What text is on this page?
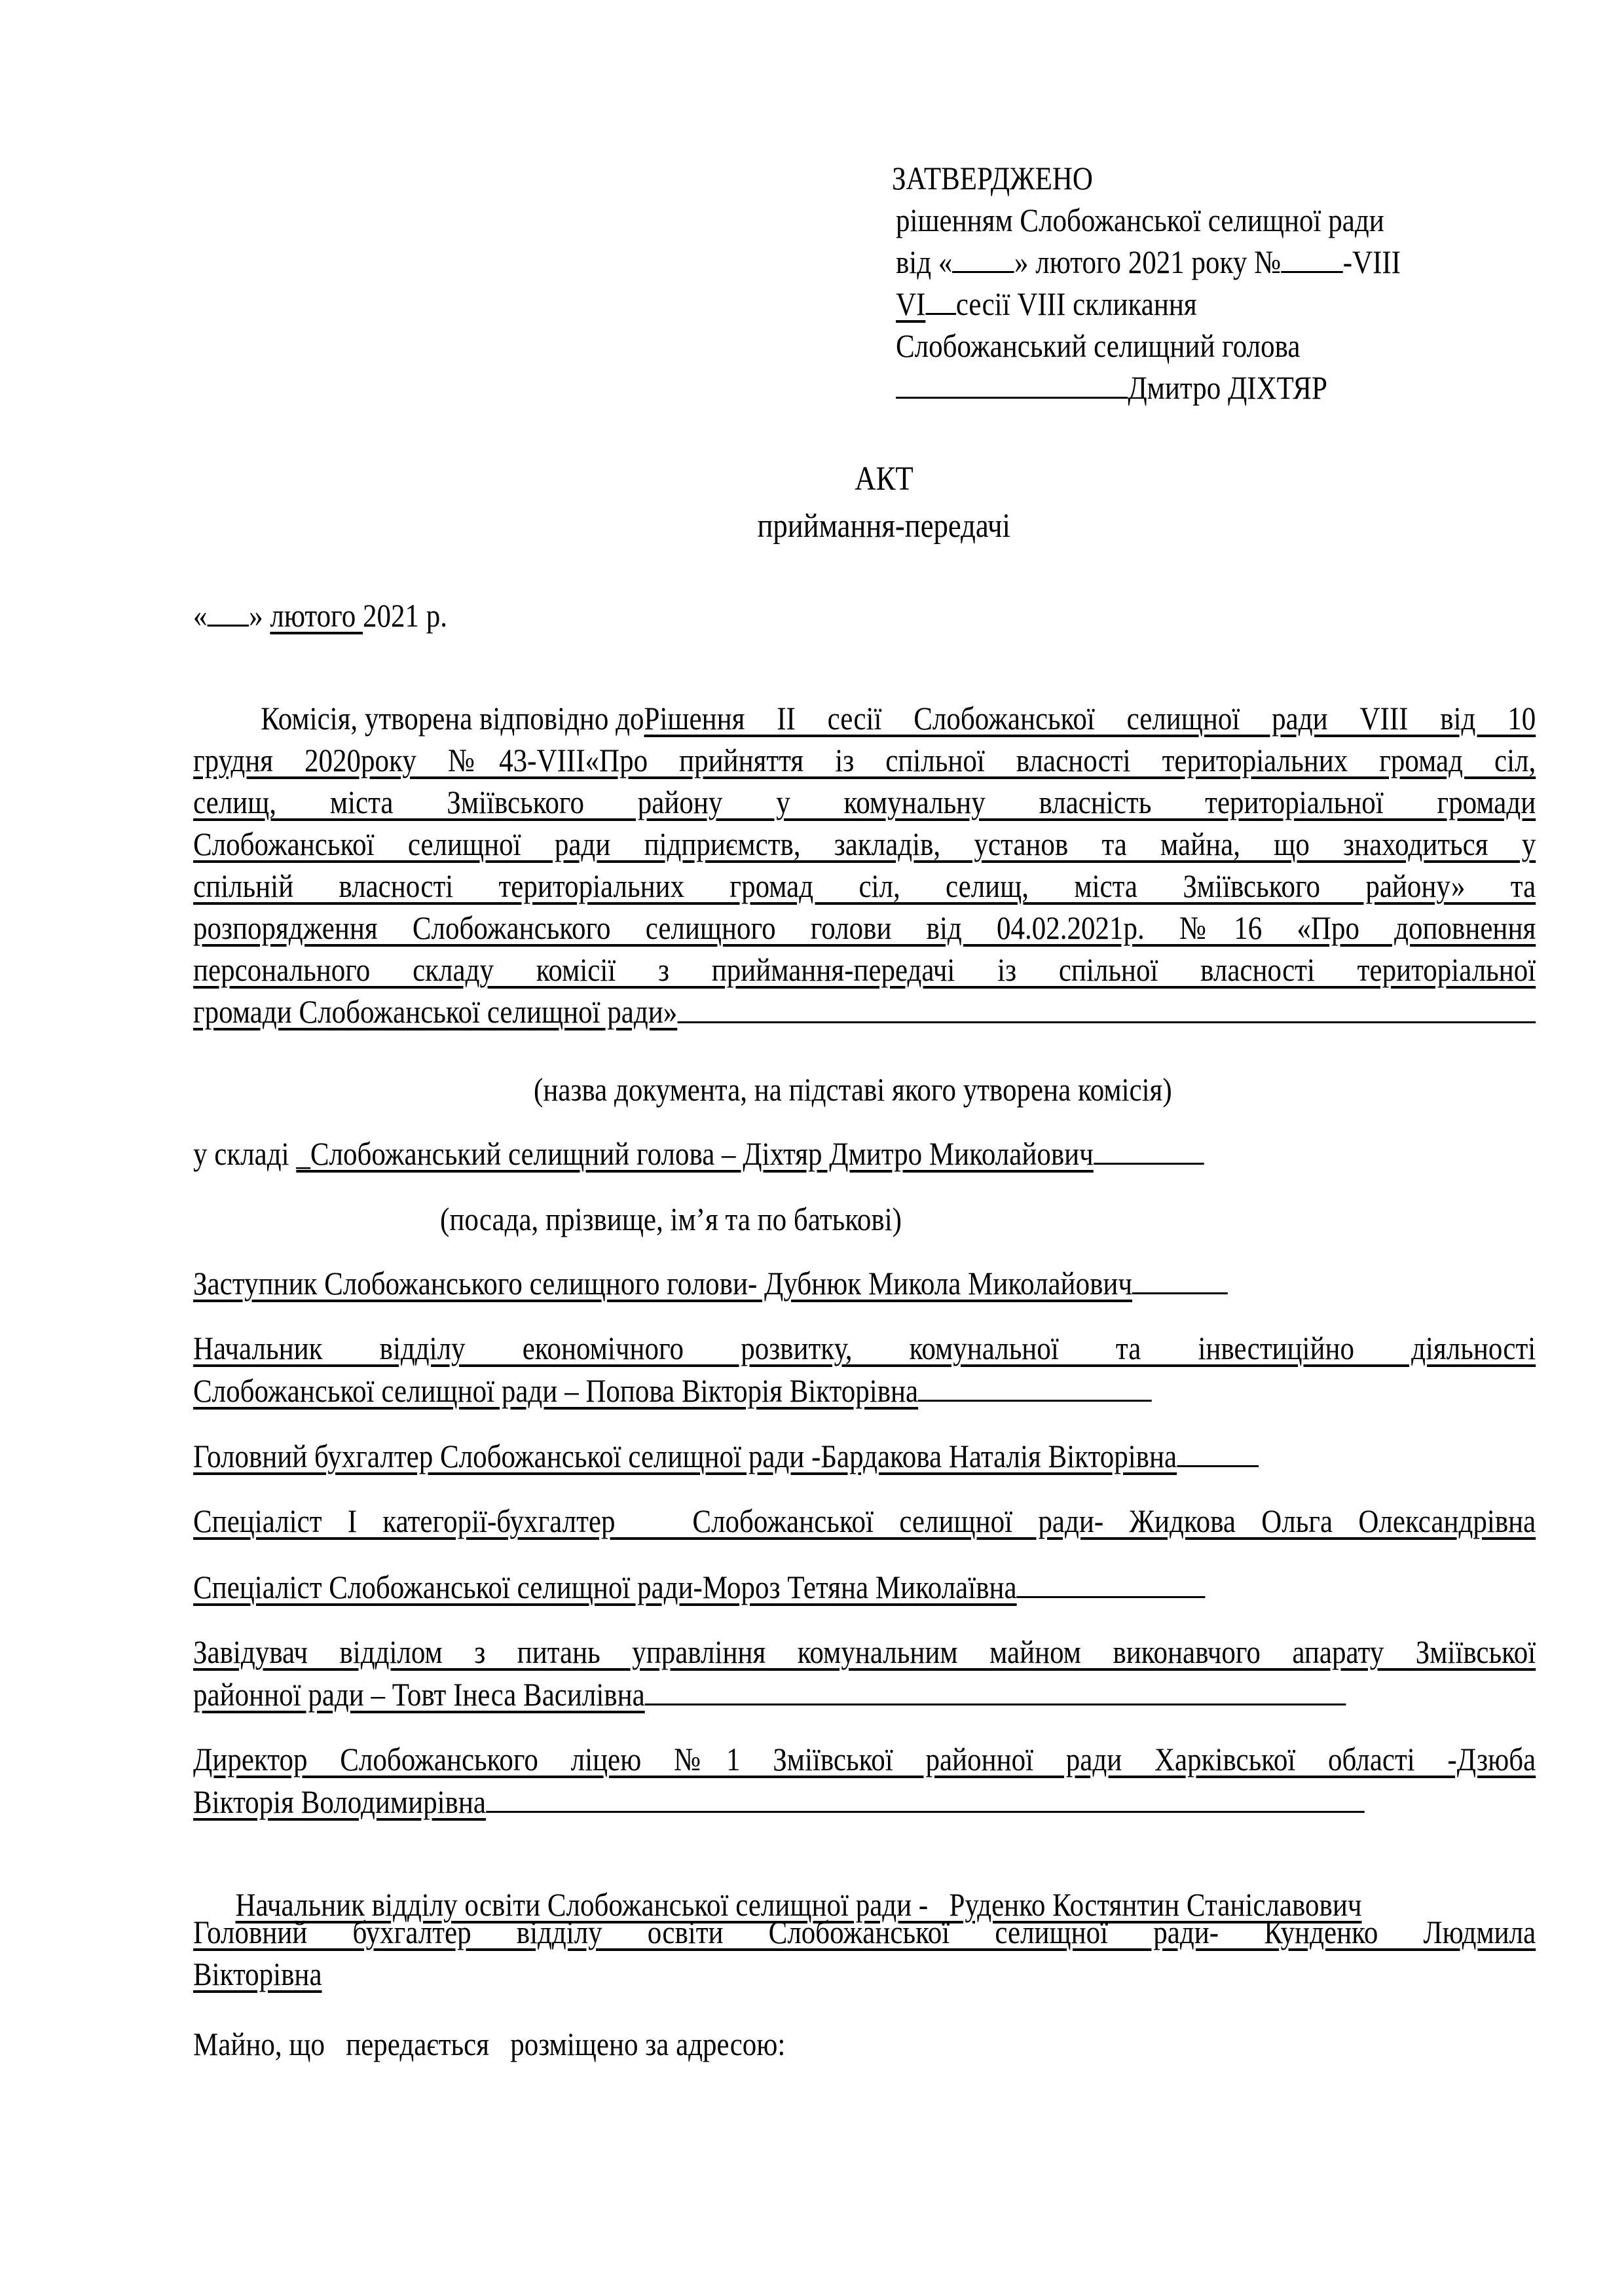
ЗАТВЕРДЖЕНО
рішенням Слобожанської селищної ради
від « » лютого 2021 року № -VIII
VI сесії VIII скликання
Слобожанський селищний голова
Дмитро ДІХТЯР
АКТ
приймання-передачі
« » лютого 2021 р.
Комісія, утворена відповідно до Рішення ІІ сесії Слобожанської селищної ради VІІІ від 10
грудня 2020року №43-VIII«Про прийняття із спільної власності територіальних громад сіл,
селищ, міста Зміївського району у комунальну власність територіальної громади
Слобожанської селищної ради підприємств, закладів, установ та майна, що знаходиться у
спільній власності територіальних громад сіл, селищ, міста Зміївського району» та
розпорядження Слобожанського селищного голови від 04.02.2021р. №16 «Про доповнення
персонального складу комісії з приймання-передачі із спільної власності територіальної
громади Слобожанської селищної ради»
(назва документа, на підставі якого утворена комісія)
у складі _Слобожанський селищний голова – Діхтяр Дмитро Миколайович
(посада, прізвище, ім’я та по батькові)
Заступник Слобожанського селищного голови- Дубнюк Микола Миколайович
Начальник відділу економічного розвитку, комунальної та інвестиційно діяльності
Слобожанської селищної ради – Попова Вікторія Вікторівна
Головний бухгалтер Слобожанської селищної ради -Бардакова Наталія Вікторівна
Спеціаліст І категорії-бухгалтер   Слобожанської селищної ради- Жидкова Ольга Олександрівна
Спеціаліст Слобожанської селищної ради-Мороз Тетяна Миколаївна
Завідувач відділом з питань управління комунальним майном виконавчого апарату Зміївської
районної ради – Товт Інеса Василівна
Директор Слобожанського ліцею №1 Зміївської районної ради Харківської області -Дзюба
Вікторія Володимирівна

Начальник відділу освіти Слобожанської селищної ради -   Руденко Костянтин Станіславович

Головний бухгалтер відділу освіти Слобожанської селищної ради- Кунденко Людмила
Вікторівна
Майно, що   передається   розміщено за адресою:
